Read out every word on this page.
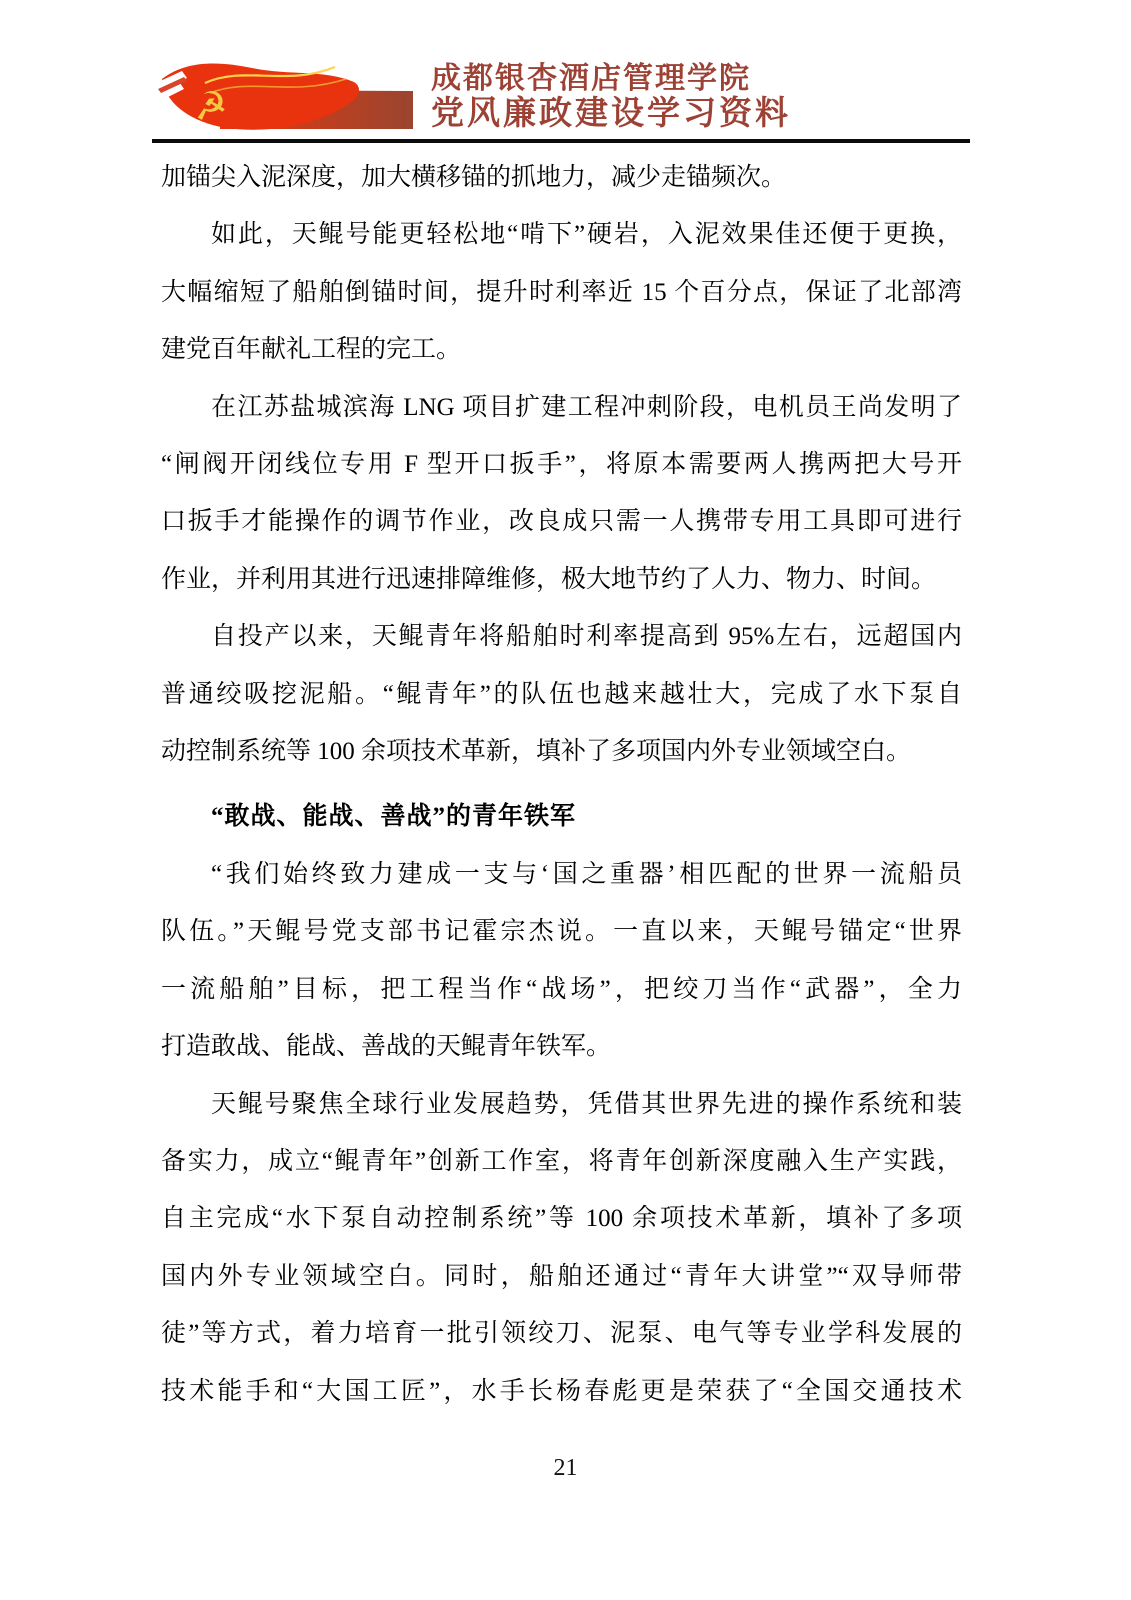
☭
成都银杏酒店管理学院
党风廉政建设学习资料
加锚尖入泥深度，加大横移锚的抓地力，减少走锚频次。
如此，天鲲号能更轻松地“啃下”硬岩，入泥效果佳还便于更换，
大幅缩短了船舶倒锚时间，提升时利率近 15 个百分点，保证了北部湾
建党百年献礼工程的完工。
在江苏盐城滨海 LNG 项目扩建工程冲刺阶段，电机员王尚发明了
“闸阀开闭线位专用 F 型开口扳手”，将原本需要两人携两把大号开
口扳手才能操作的调节作业，改良成只需一人携带专用工具即可进行
作业，并利用其进行迅速排障维修，极大地节约了人力、物力、时间。
自投产以来，天鲲青年将船舶时利率提高到 95%左右，远超国内
普通绞吸挖泥船。“鲲青年”的队伍也越来越壮大，完成了水下泵自
动控制系统等 100 余项技术革新，填补了多项国内外专业领域空白。
“敢战、能战、善战”的青年铁军
“我们始终致力建成一支与‘国之重器’相匹配的世界一流船员
队伍。”天鲲号党支部书记霍宗杰说。一直以来，天鲲号锚定“世界
一流船舶”目标，把工程当作“战场”，把绞刀当作“武器”，全力
打造敢战、能战、善战的天鲲青年铁军。
天鲲号聚焦全球行业发展趋势，凭借其世界先进的操作系统和装
备实力，成立“鲲青年”创新工作室，将青年创新深度融入生产实践，
自主完成“水下泵自动控制系统”等 100 余项技术革新，填补了多项
国内外专业领域空白。同时，船舶还通过“青年大讲堂”“双导师带
徒”等方式，着力培育一批引领绞刀、泥泵、电气等专业学科发展的
技术能手和“大国工匠”，水手长杨春彪更是荣获了“全国交通技术
21
